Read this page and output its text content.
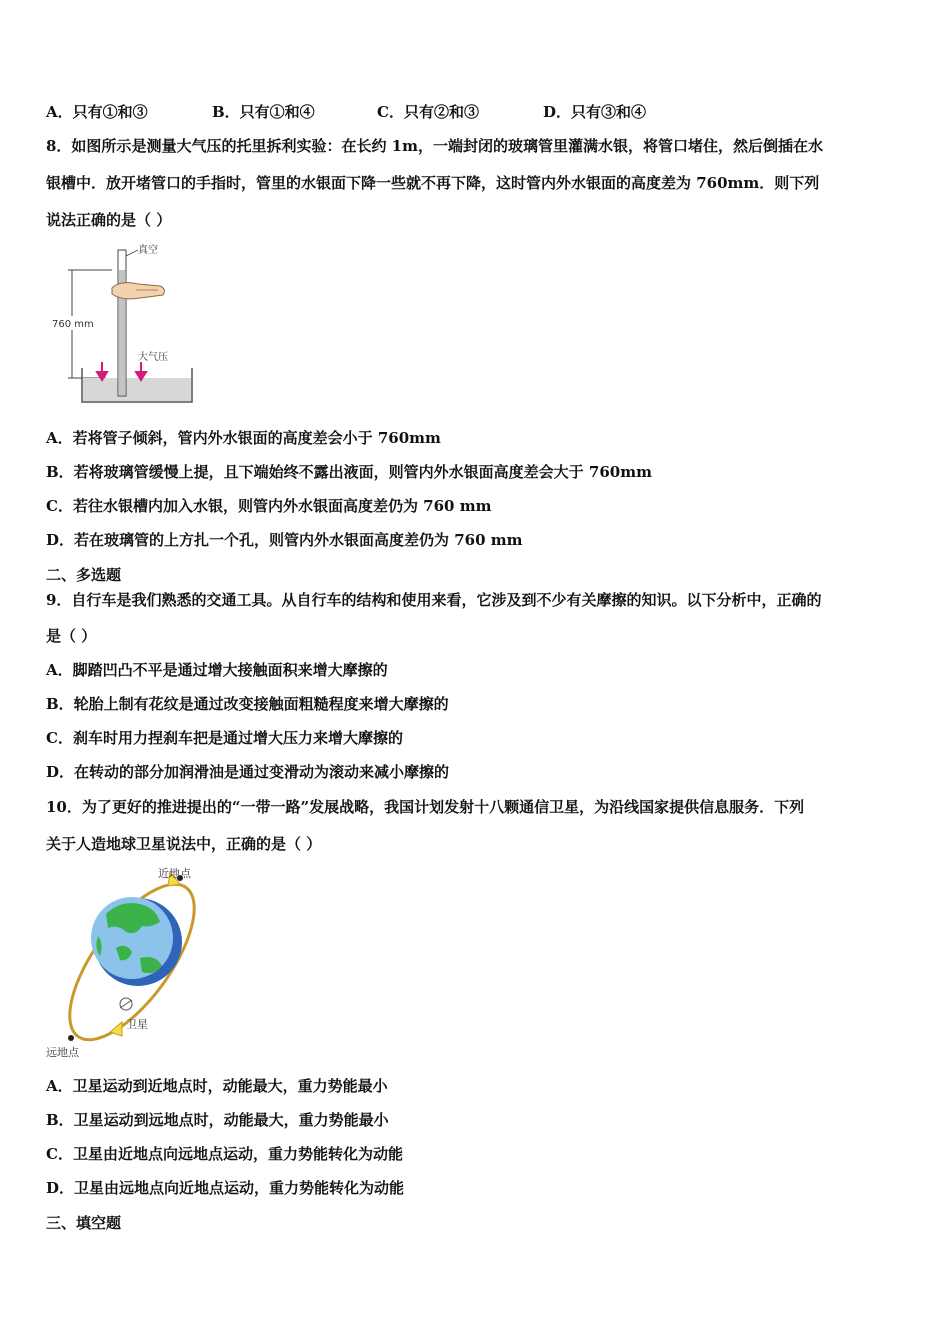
A．只有①和③	B．只有①和④	C．只有②和③	D．只有③和④
8．如图所示是测量大气压的托里拆利实验：在长约 1m，一端封闭的玻璃管里灌满水银，将管口堵住，然后倒插在水
银槽中．放开堵管口的手指时，管里的水银面下降一些就不再下降，这时管内外水银面的高度差为 760mm．则下列
说法正确的是（ ）
760 mm
真空
大气压
A．若将管子倾斜，管内外水银面的高度差会小于 760mm
B．若将玻璃管缓慢上提，且下端始终不露出液面，则管内外水银面高度差会大于 760mm
C．若往水银槽内加入水银，则管内外水银面高度差仍为 760 mm
D．若在玻璃管的上方扎一个孔，则管内外水银面高度差仍为 760 mm
二、多选题
9．自行车是我们熟悉的交通工具。从自行车的结构和使用来看，它涉及到不少有关摩擦的知识。以下分析中，正确的
是（ ）
A．脚踏凹凸不平是通过增大接触面积来增大摩擦的
B．轮胎上制有花纹是通过改变接触面粗糙程度来增大摩擦的
C．刹车时用力捏刹车把是通过增大压力来增大摩擦的
D．在转动的部分加润滑油是通过变滑动为滚动来减小摩擦的
10．为了更好的推进提出的“一带一路”发展战略，我国计划发射十八颗通信卫星，为沿线国家提供信息服务．下列
关于人造地球卫星说法中，正确的是（ ）
近地点
远地点
卫星
A．卫星运动到近地点时，动能最大，重力势能最小
B．卫星运动到远地点时，动能最大，重力势能最小
C．卫星由近地点向远地点运动，重力势能转化为动能
D．卫星由远地点向近地点运动，重力势能转化为动能
三、填空题
